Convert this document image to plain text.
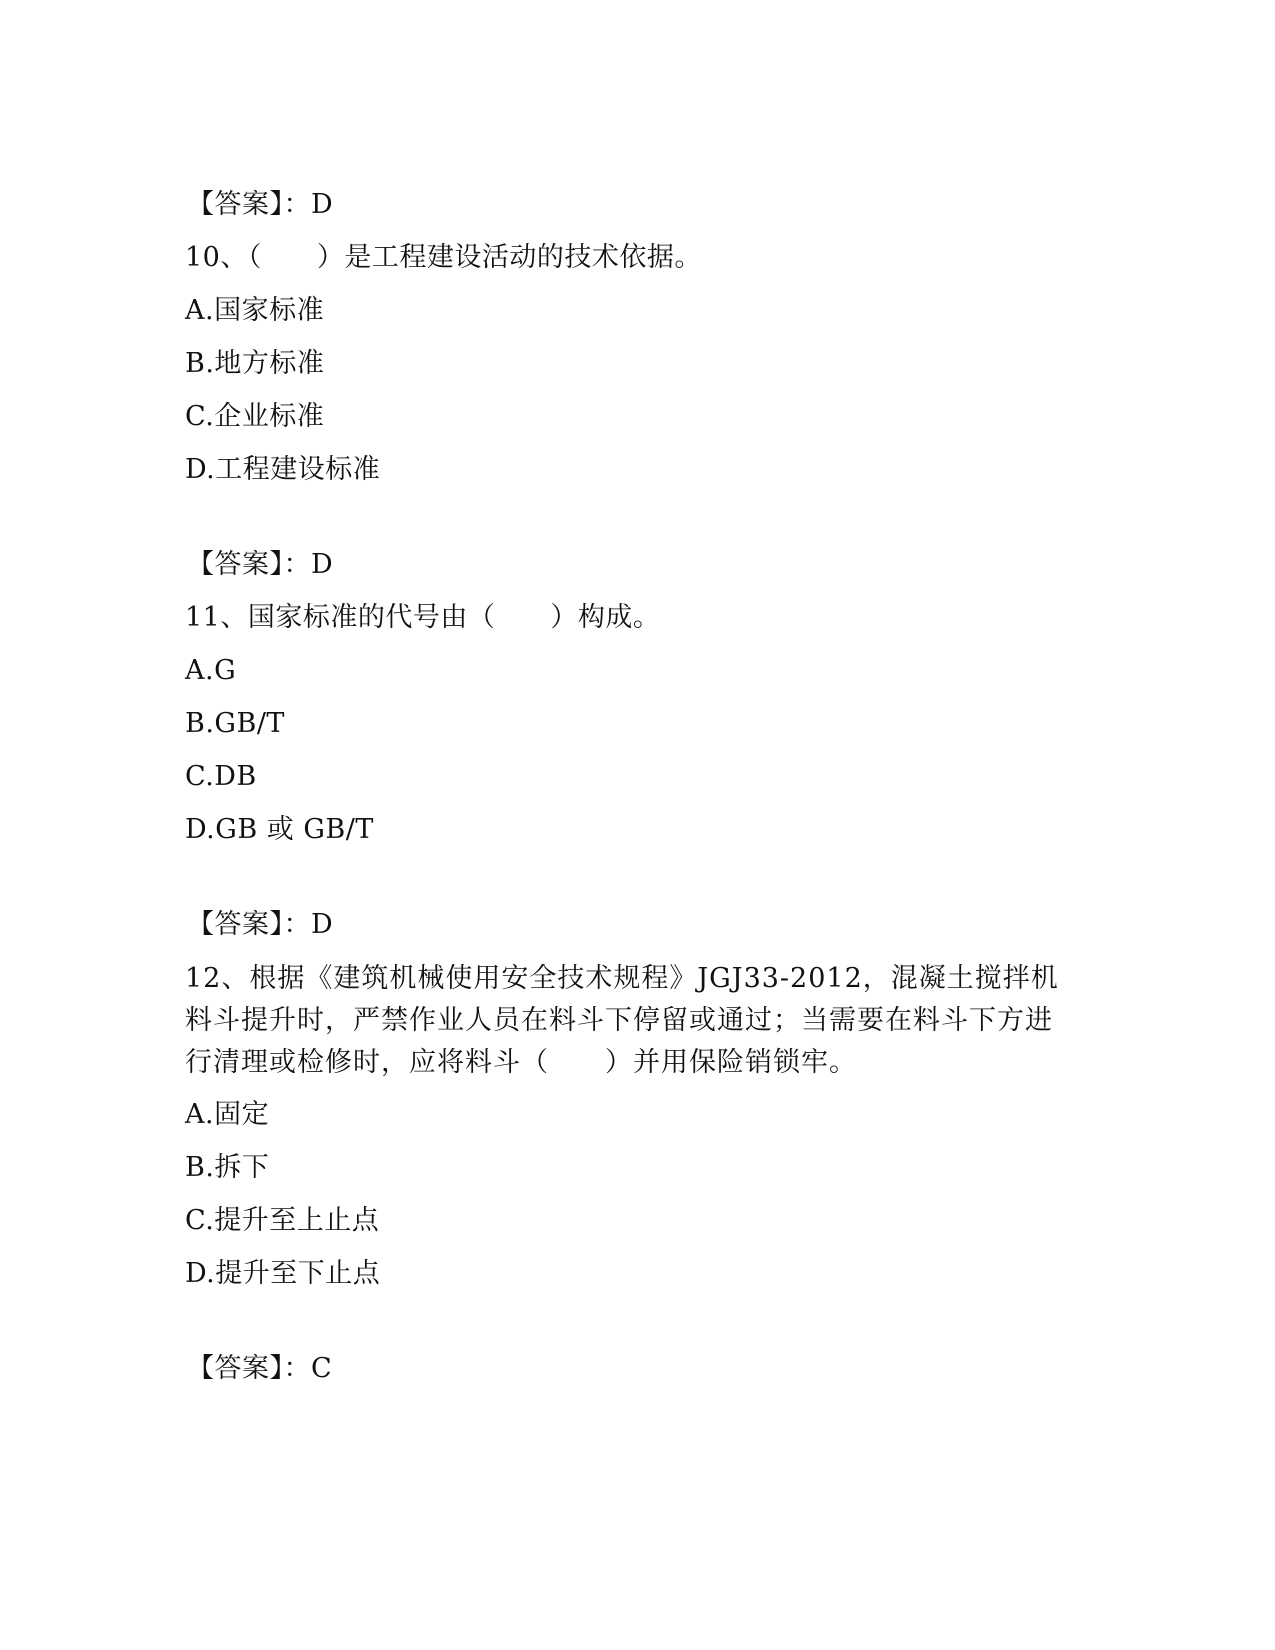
【答案】：D
10、（　　）是工程建设活动的技术依据。
A.国家标准
B.地方标准
C.企业标准
D.工程建设标准
【答案】：D
11、国家标准的代号由（　　）构成。
A.G
B.GB/T
C.DB
D.GB 或 GB/T
【答案】：D
12、根据《建筑机械使用安全技术规程》JGJ33-2012，混凝土搅拌机料斗提升时，严禁作业人员在料斗下停留或通过；当需要在料斗下方进行清理或检修时，应将料斗（　　）并用保险销锁牢。
A.固定
B.拆下
C.提升至上止点
D.提升至下止点
【答案】：C
